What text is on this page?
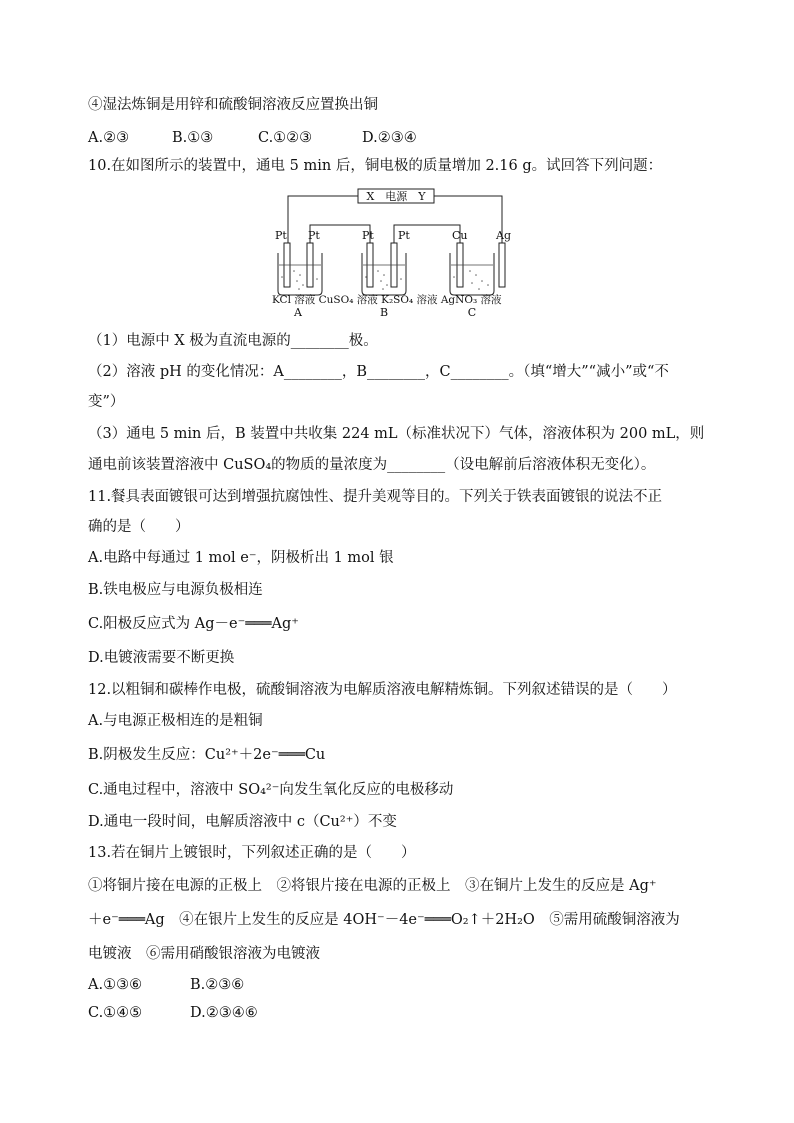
④湿法炼铜是用锌和硫酸铜溶液反应置换出铜
A.②③	B.①③	C.①②③	D.②③④
10.在如图所示的装置中，通电 5 min 后，铜电极的质量增加 2.16 g。试回答下列问题：
X　电源　Y
Pt Pt	Pt Pt	Cu	Ag
KCl 溶液 CuSO₄ 溶液 K₂SO₄ 溶液 AgNO₃ 溶液
A	B	C
（1）电源中 X 极为直流电源的________极。
（2）溶液 pH 的变化情况：A________，B________，C________。（填“增大”“减小”或“不
变”）
（3）通电 5 min 后，B 装置中共收集 224 mL（标准状况下）气体，溶液体积为 200 mL，则
通电前该装置溶液中 CuSO₄的物质的量浓度为________（设电解前后溶液体积无变化）。
11.餐具表面镀银可达到增强抗腐蚀性、提升美观等目的。下列关于铁表面镀银的说法不正
确的是（　　）
A.电路中每通过 1 mol e⁻，阴极析出 1 mol 银
B.铁电极应与电源负极相连
C.阳极反应式为 Ag－e⁻═══Ag⁺
D.电镀液需要不断更换
12.以粗铜和碳棒作电极，硫酸铜溶液为电解质溶液电解精炼铜。下列叙述错误的是（　　）
A.与电源正极相连的是粗铜
B.阴极发生反应：Cu²⁺＋2e⁻═══Cu
C.通电过程中，溶液中 SO₄²⁻向发生氧化反应的电极移动
D.通电一段时间，电解质溶液中 c（Cu²⁺）不变
13.若在铜片上镀银时，下列叙述正确的是（　　）
①将铜片接在电源的正极上　②将银片接在电源的正极上　③在铜片上发生的反应是 Ag⁺
＋e⁻═══Ag　④在银片上发生的反应是 4OH⁻－4e⁻═══O₂↑＋2H₂O　⑤需用硫酸铜溶液为
电镀液　⑥需用硝酸银溶液为电镀液
A.①③⑥	B.②③⑥
C.①④⑤	D.②③④⑥
